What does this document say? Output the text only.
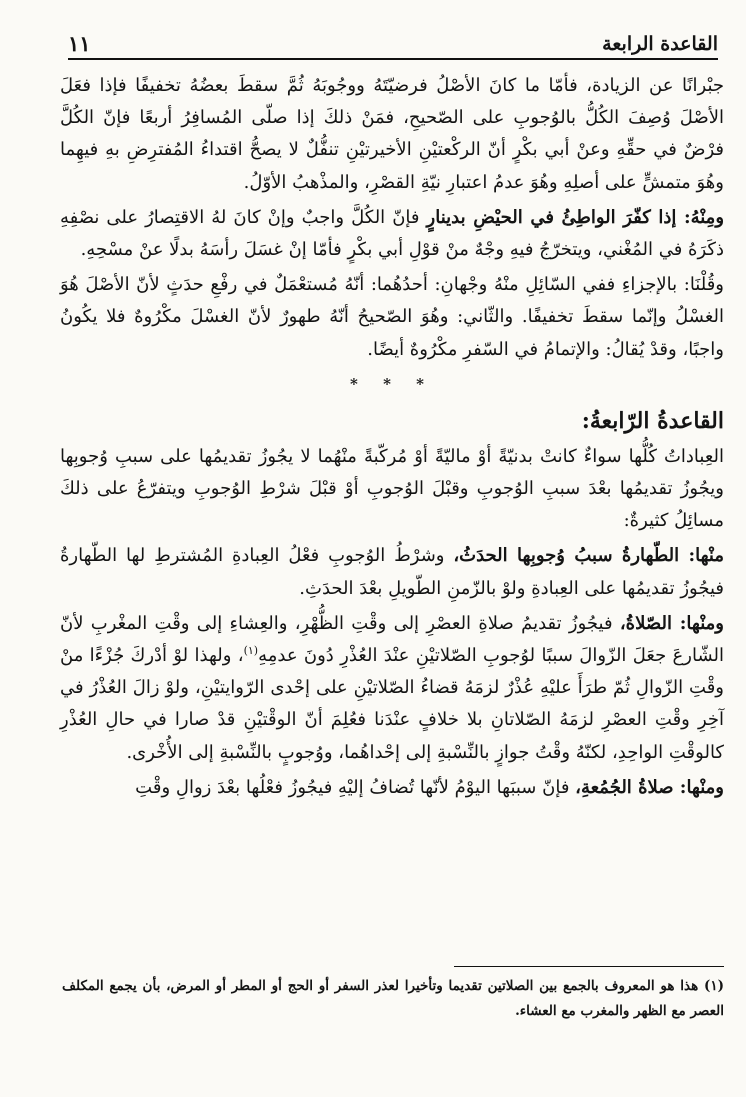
القاعدة الرابعة
١١

جبْرانًا عن الزيادة، فأمّا ما كانَ الأصْلُ فرضيّتَهُ ووجُوبَهُ ثُمَّ سقطَ بعضُهُ تخفيفًا فإذا فعَلَ الأصْلَ وُصِفَ الكُلُّ بالوُجوبِ على الصّحيحِ، فمَنْ ذلكَ إذا صلّى المُسافِرُ أربعًا فإنّ الكُلَّ فرْضٌ في حقِّهِ وعنْ أبي بكْرٍ أنّ الركْعتيْنِ الأخيرتيْنِ تنفُّلٌ لا يصحُّ اقتداءُ المُفترِضِ بهِ فيهِما وهُوَ متمشٍّ على أصلِهِ وهُوَ عدمُ اعتبارِ نيّةِ القصْرِ، والمذْهبُ الأوّلُ.

ومِنْهُ: إذا كفّرَ الواطِئُ في الحيْضِ بدينارٍ فإنّ الكُلَّ واجبٌ وإنْ كانَ لهُ الاقتِصارُ على نصْفِهِ ذكَرَهُ في المُغْني، ويتخرّجُ فيهِ وجْهٌ منْ قوْلِ أبي بكْرٍ فأمّا إنْ غسَلَ رأسَهُ بدلًا عنْ مسْحِهِ.

وقُلْنَا: بالإجزاءِ ففي السّائِلِ منْهُ وجْهانِ: أحدُهُما: أنّهُ مُستعْمَلٌ في رفْعِ حدَثٍ لأنّ الأصْلَ هُوَ الغسْلُ وإنّما سقطَ تخفيفًا. والثّاني: وهُوَ الصّحيحُ أنّهُ طهورٌ لأنّ الغسْلَ مكْرُوهٌ فلا يكُونُ واجبًا، وقدْ يُقالُ: والإتمامُ في السّفرِ مكْرُوهٌ أيضًا.

* * *
القاعدةُ الرّابعةُ:

العِباداتُ كُلُّها سواءٌ كانتْ بدنيّةً أوْ ماليّةً أوْ مُركّبةً منْهُما لا يجُوزُ تقديمُها على سببِ وُجوبِها ويجُوزُ تقديمُها بعْدَ سببِ الوُجوبِ وقبْلَ الوُجوبِ أوْ قبْلَ شرْطِ الوُجوبِ ويتفرّعُ على ذلكَ مسائِلُ كثيرةٌ:

منْها: الطّهارةُ سببُ وُجوبِها الحدَثُ، وشرْطُ الوُجوبِ فعْلُ العِبادةِ المُشترطِ لها الطّهارةُ فيجُوزُ تقديمُها على العِبادةِ ولوْ بالزّمنِ الطّويلِ بعْدَ الحدَثِ.

ومنْها: الصّلاةُ، فيجُوزُ تقديمُ صلاةِ العصْرِ إلى وقْتِ الظُّهْرِ، والعِشاءِ إلى وقْتِ المغْربِ لأنّ الشّارعَ جعَلَ الزّوالَ سببًا لوُجوبِ الصّلاتيْنِ عنْدَ العُذْرِ دُونَ عدمِهِ$^{(١)}$، ولهذا لوْ أدْركَ جُزْءًا منْ وقْتِ الزّوالِ ثُمّ طرَأَ عليْهِ عُذْرٌ لزمَهُ قضاءُ الصّلاتيْنِ على إحْدى الرّوايتيْنِ، ولوْ زالَ العُذْرُ في آخِرِ وقْتِ العصْرِ لزمَهُ الصّلاتانِ بلا خلافٍ عنْدَنا فعُلِمَ أنّ الوقْتيْنِ قدْ صارا في حالِ العُذْرِ كالوقْتِ الواحِدِ، لكنّهُ وقْتُ جوازٍ بالنِّسْبةِ إلى إحْداهُما، ووُجوبٍ بالنِّسْبةِ إلى الأُخْرى.

ومنْها: صلاةُ الجُمُعةِ، فإنّ سببَها اليوْمُ لأنّها تُضافُ إليْهِ فيجُوزُ فعْلُها بعْدَ زوالِ وقْتِ

(١) هذا هو المعروف بالجمع بين الصلاتين تقديما وتأخيرا لعذر السفر أو الحج أو المطر أو المرض، بأن يجمع المكلف العصر مع الظهر والمغرب مع العشاء.
